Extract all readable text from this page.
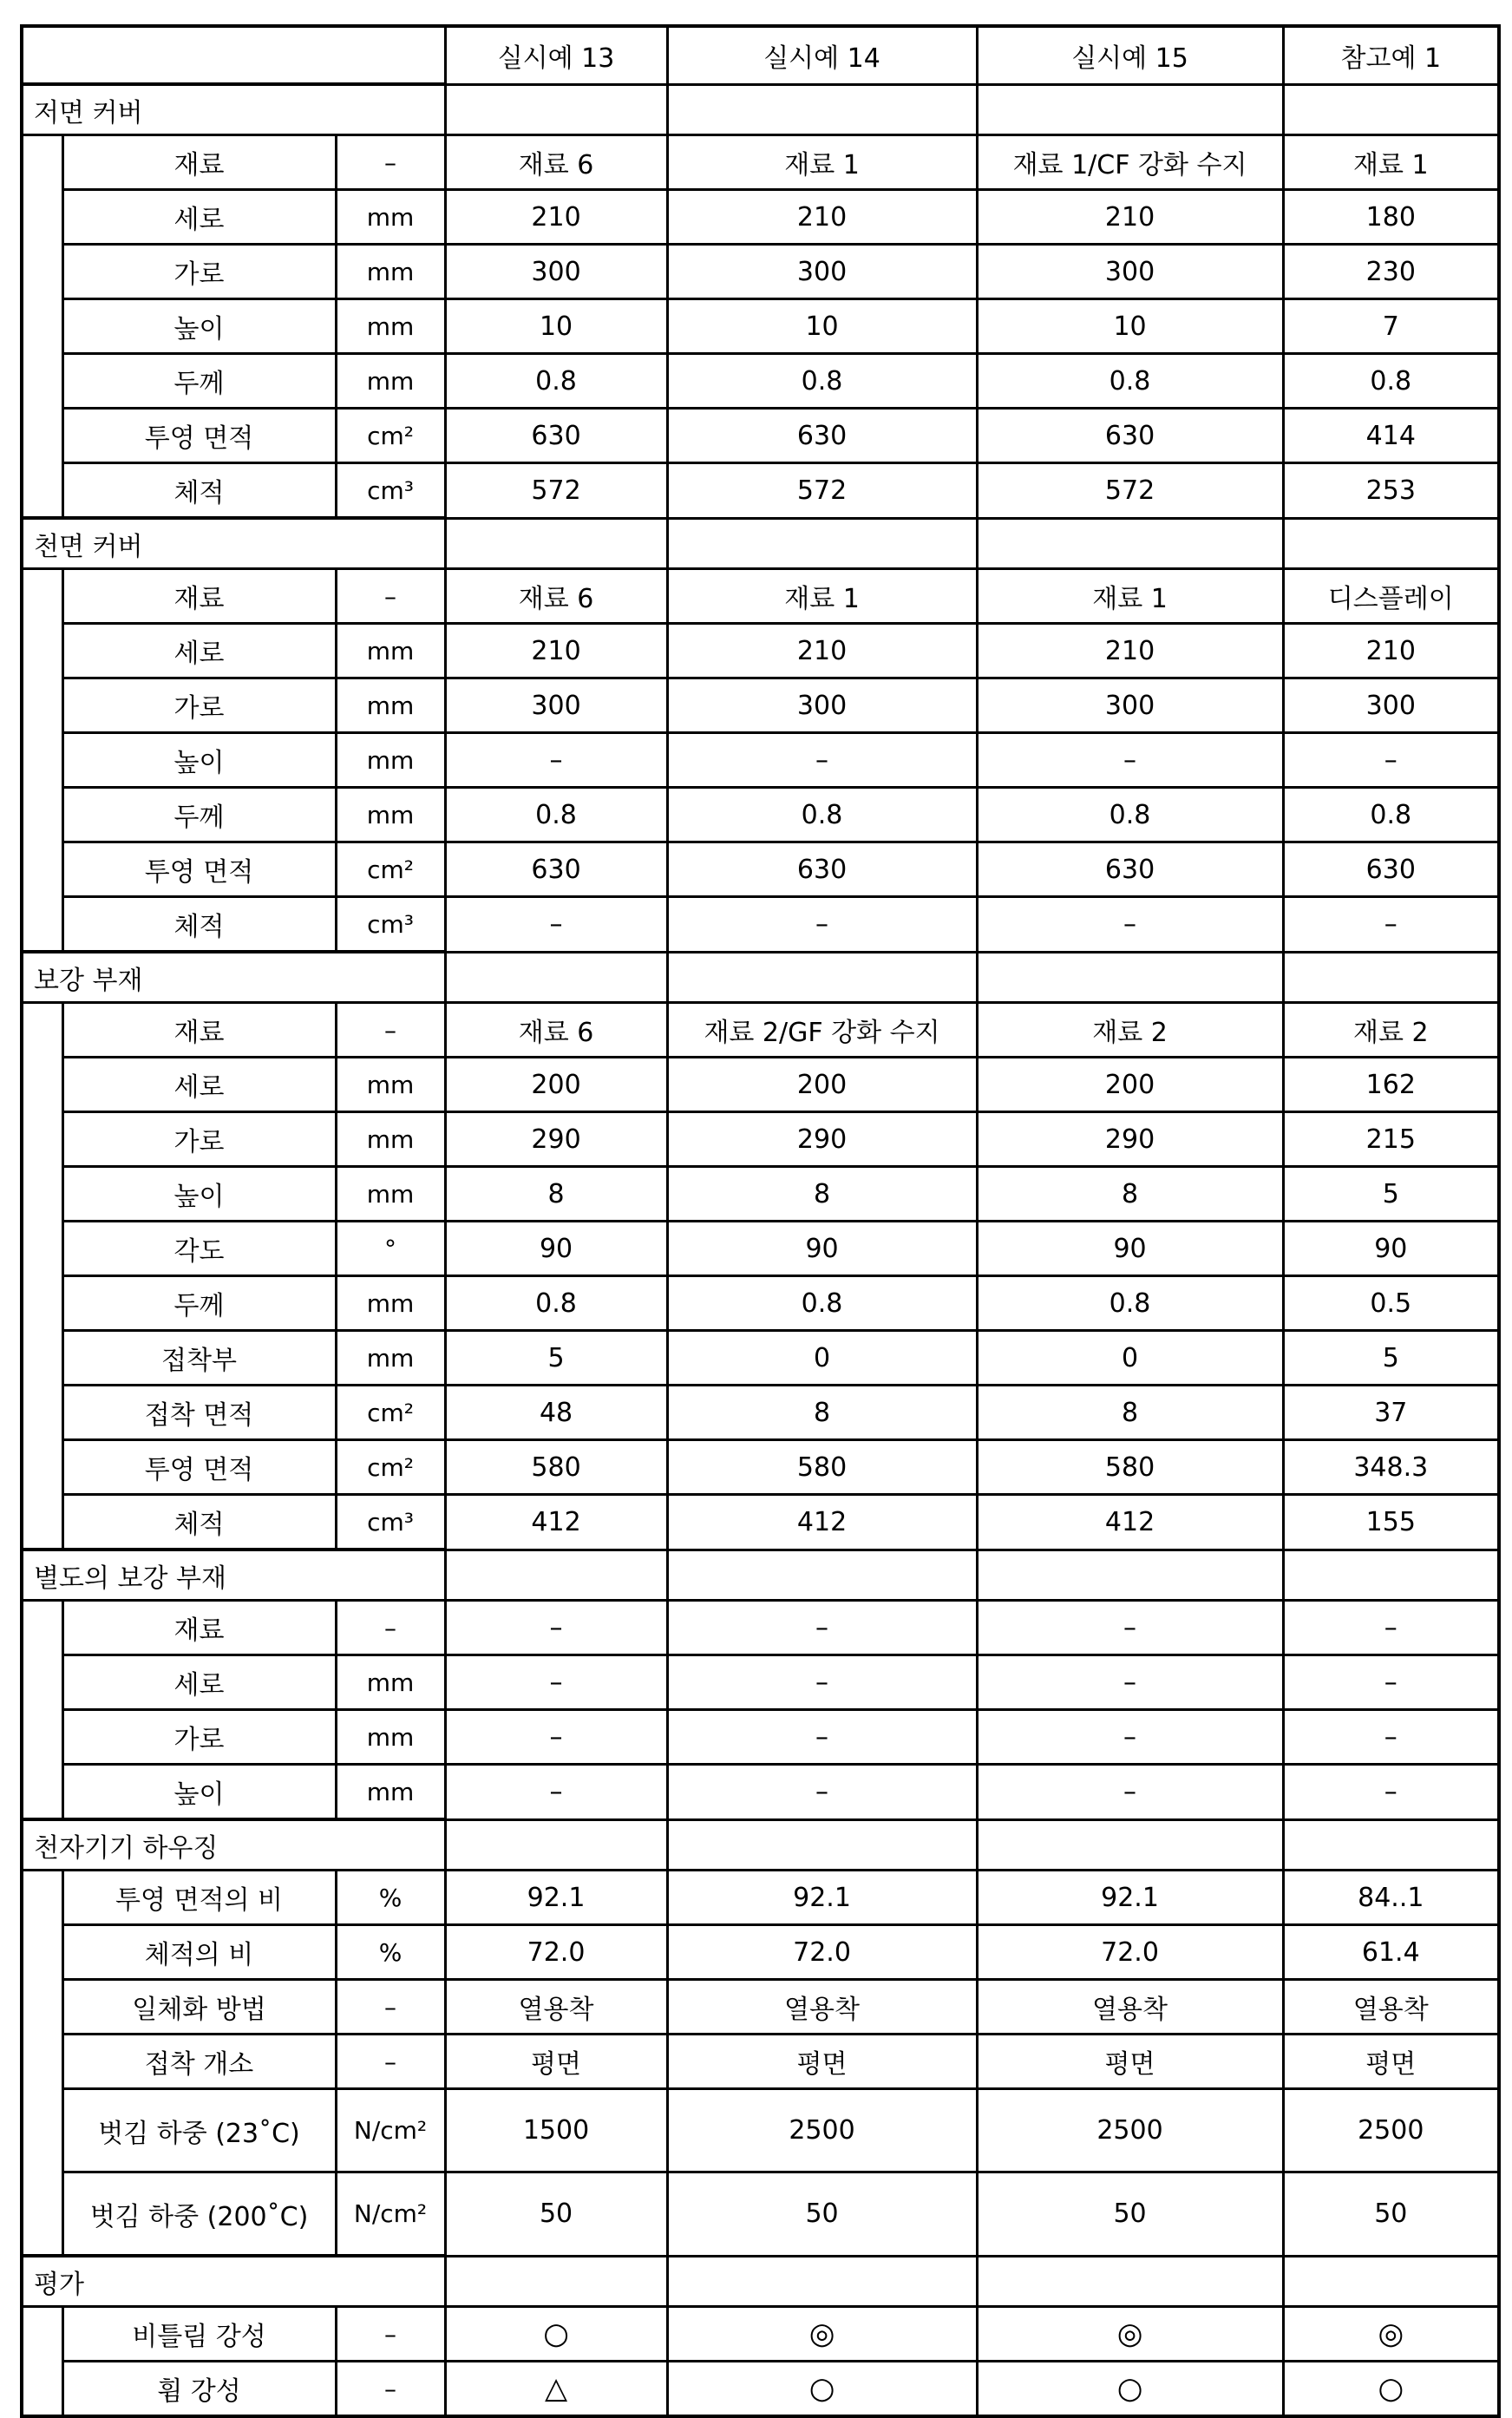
	실시예 13	실시예 14	실시예 15	참고예 1
저면 커버				
	재료	–	재료 6	재료 1	재료 1/CF 강화 수지	재료 1
	세로	mm	210	210	210	180
	가로	mm	300	300	300	230
	높이	mm	10	10	10	7
	두께	mm	0.8	0.8	0.8	0.8
	투영 면적	cm²	630	630	630	414
	체적	cm³	572	572	572	253
천면 커버				
	재료	–	재료 6	재료 1	재료 1	디스플레이
	세로	mm	210	210	210	210
	가로	mm	300	300	300	300
	높이	mm	–	–	–	–
	두께	mm	0.8	0.8	0.8	0.8
	투영 면적	cm²	630	630	630	630
	체적	cm³	–	–	–	–
보강 부재				
	재료	–	재료 6	재료 2/GF 강화 수지	재료 2	재료 2
	세로	mm	200	200	200	162
	가로	mm	290	290	290	215
	높이	mm	8	8	8	5
	각도	°	90	90	90	90
	두께	mm	0.8	0.8	0.8	0.5
	접착부	mm	5	0	0	5
	접착 면적	cm²	48	8	8	37
	투영 면적	cm²	580	580	580	348.3
	체적	cm³	412	412	412	155
별도의 보강 부재				
	재료	–	–	–	–	–
	세로	mm	–	–	–	–
	가로	mm	–	–	–	–
	높이	mm	–	–	–	–
천자기기 하우징				
	투영 면적의 비	%	92.1	92.1	92.1	84..1
	체적의 비	%	72.0	72.0	72.0	61.4
	일체화 방법	–	열용착	열용착	열용착	열용착
	접착 개소	–	평면	평면	평면	평면
	벗김 하중 (23˚C)	N/cm²	1500	2500	2500	2500
	벗김 하중 (200˚C)	N/cm²	50	50	50	50
평가				
	비틀림 강성	–	○	◎	◎	◎
	휨 강성	–	△	○	○	○
